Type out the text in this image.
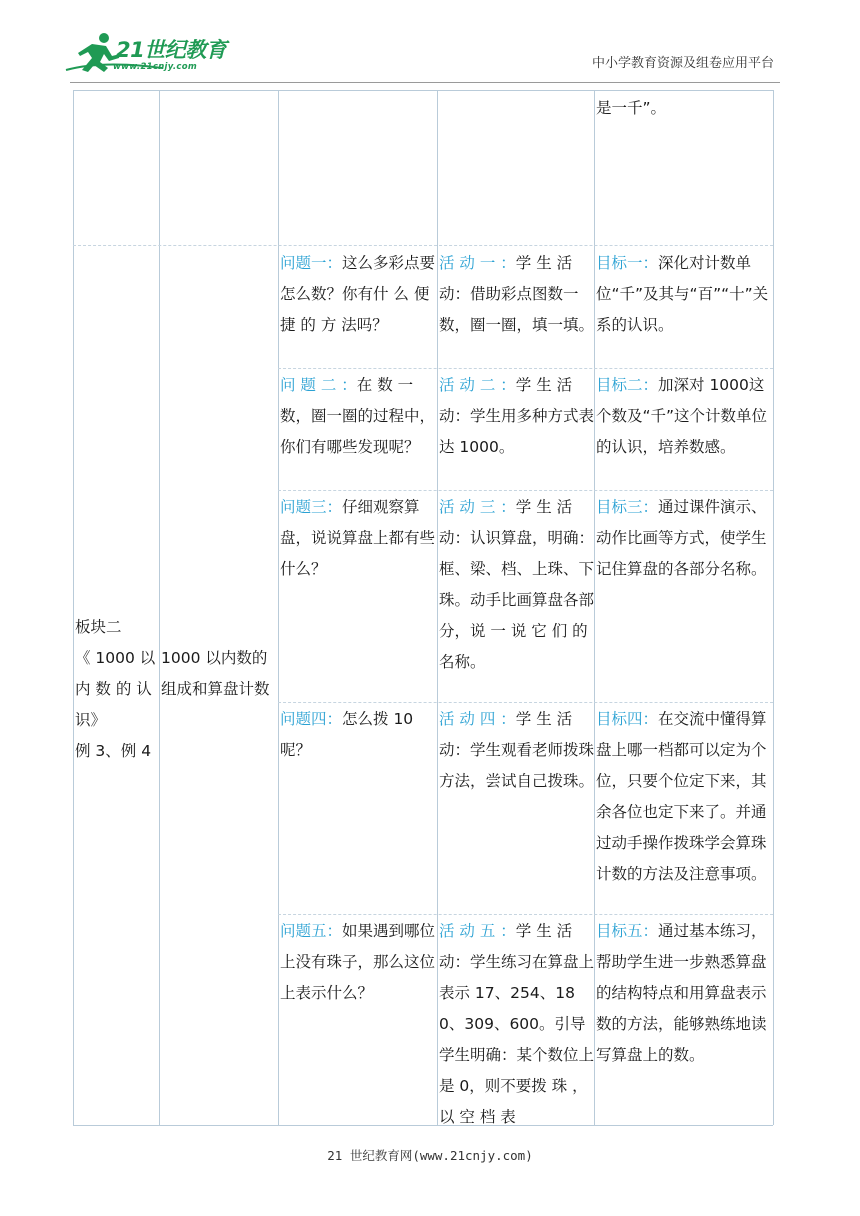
21世纪教育
www.21cnjy.com	中小学教育资源及组卷应用平台
是一千”。
板块二
《 1000 以
内 数 的 认
识》
例 3、例 4
1000 以内数的组成和算盘计数
问题一：这么多彩点要怎么数？你有什 么 便 捷 的 方 法吗？
活 动 一 ：学 生 活动：借助彩点图数一数，圈一圈，填一填。
目标一：深化对计数单位“千”及其与“百”“十”关系的认识。
问 题 二 ：在 数 一数，圈一圈的过程中，你们有哪些发现呢？
活 动 二 ：学 生 活动：学生用多种方式表达 1000。
目标二：加深对 1000这个数及“千”这个计数单位的认识，培养数感。
问题三：仔细观察算盘，说说算盘上都有些什么？
活 动 三 ：学 生 活动：认识算盘，明确：框、梁、档、上珠、下珠。动手比画算盘各部分，说 一 说 它 们 的 名称。
目标三：通过课件演示、动作比画等方式，使学生记住算盘的各部分名称。
问题四：怎么拨 10呢？
活 动 四 ：学 生 活动：学生观看老师拨珠方法，尝试自己拨珠。
目标四：在交流中懂得算盘上哪一档都可以定为个位，只要个位定下来，其余各位也定下来了。并通过动手操作拨珠学会算珠计数的方法及注意事项。
问题五：如果遇到哪位上没有珠子，那么这位上表示什么？
活 动 五 ：学 生 活动：学生练习在算盘上表示 17、254、180、309、600。引导学生明确：某个数位上是 0，则不要拨 珠 ， 以 空 档 表
目标五：通过基本练习，帮助学生进一步熟悉算盘的结构特点和用算盘表示数的方法，能够熟练地读写算盘上的数。
21 世纪教育网(www.21cnjy.com)
